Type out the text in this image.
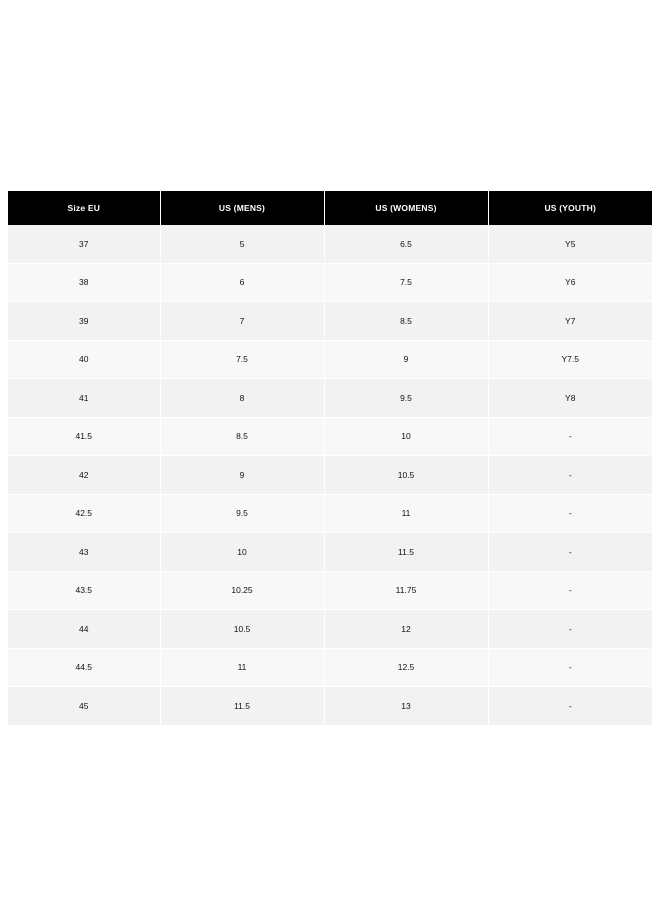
Size EU	US (MENS)	US (WOMENS)	US (YOUTH)
37	5	6.5	Y5
38	6	7.5	Y6
39	7	8.5	Y7
40	7.5	9	Y7.5
41	8	9.5	Y8
41.5	8.5	10	-
42	9	10.5	-
42.5	9.5	11	-
43	10	11.5	-
43.5	10.25	11.75	-
44	10.5	12	-
44.5	11	12.5	-
45	11.5	13	-
